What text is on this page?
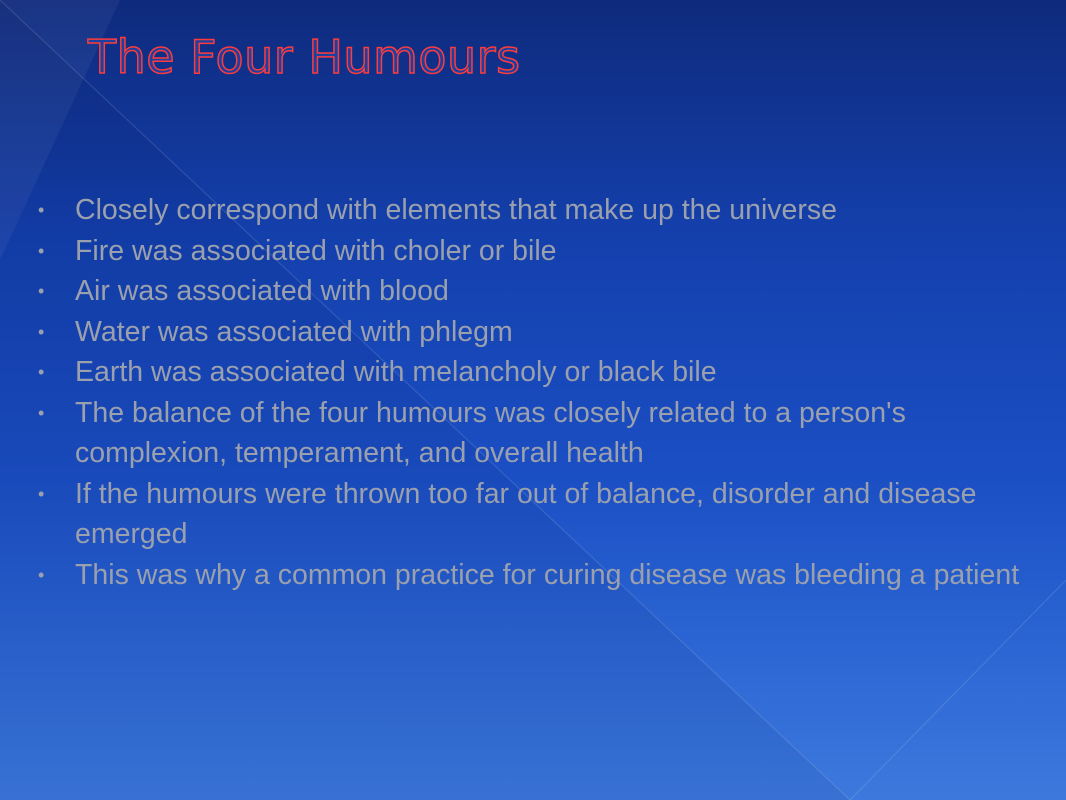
The Four Humours
• Closely correspond with elements that make up the universe
• Fire was associated with choler or bile
• Air was associated with blood
• Water was associated with phlegm
• Earth was associated with melancholy or black bile
• The balance of the four humours was closely related to a person's complexion, temperament, and overall health
• If the humours were thrown too far out of balance, disorder and disease emerged
• This was why a common practice for curing disease was bleeding a patient
